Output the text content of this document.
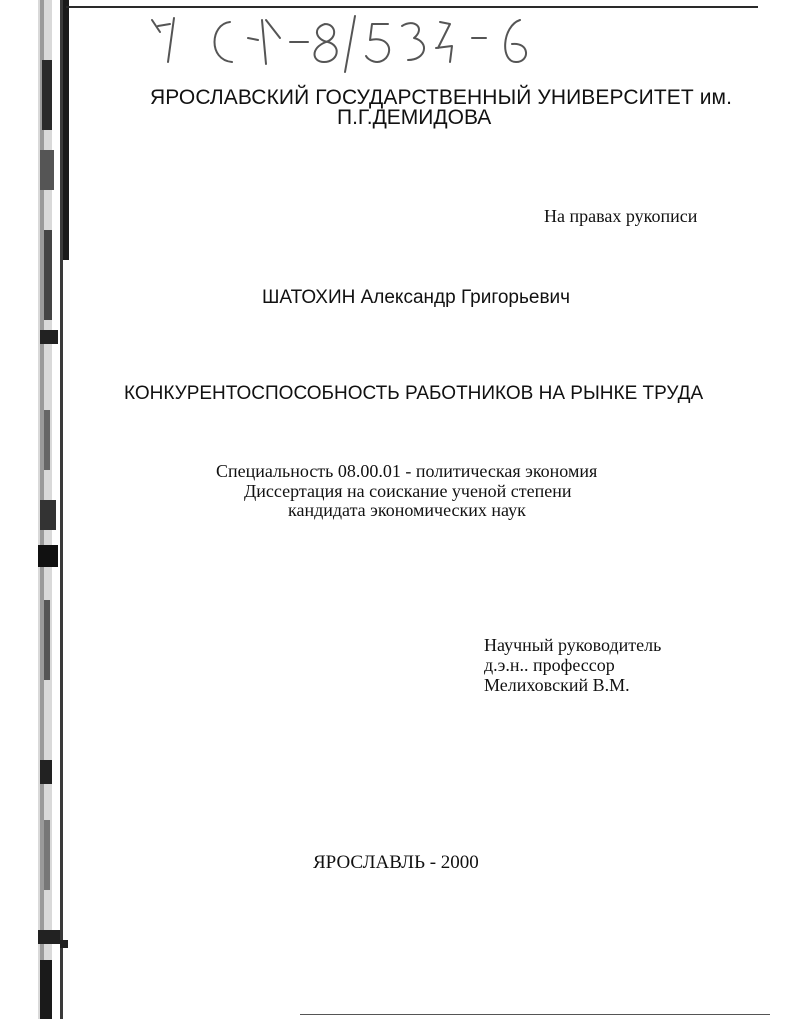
ЯРОСЛАВСКИЙ ГОСУДАРСТВЕННЫЙ УНИВЕРСИТЕТ им.

П.Г.ДЕМИДОВА

На правах рукописи

ШАТОХИН Александр Григорьевич

КОНКУРЕНТОСПОСОБНОСТЬ РАБОТНИКОВ НА РЫНКЕ ТРУДА

Специальность 08.00.01 - политическая экономия

Диссертация на соискание ученой степени

кандидата экономических наук

Научный руководитель

д.э.н.. профессор

Мелиховский В.М.

ЯРОСЛАВЛЬ - 2000
